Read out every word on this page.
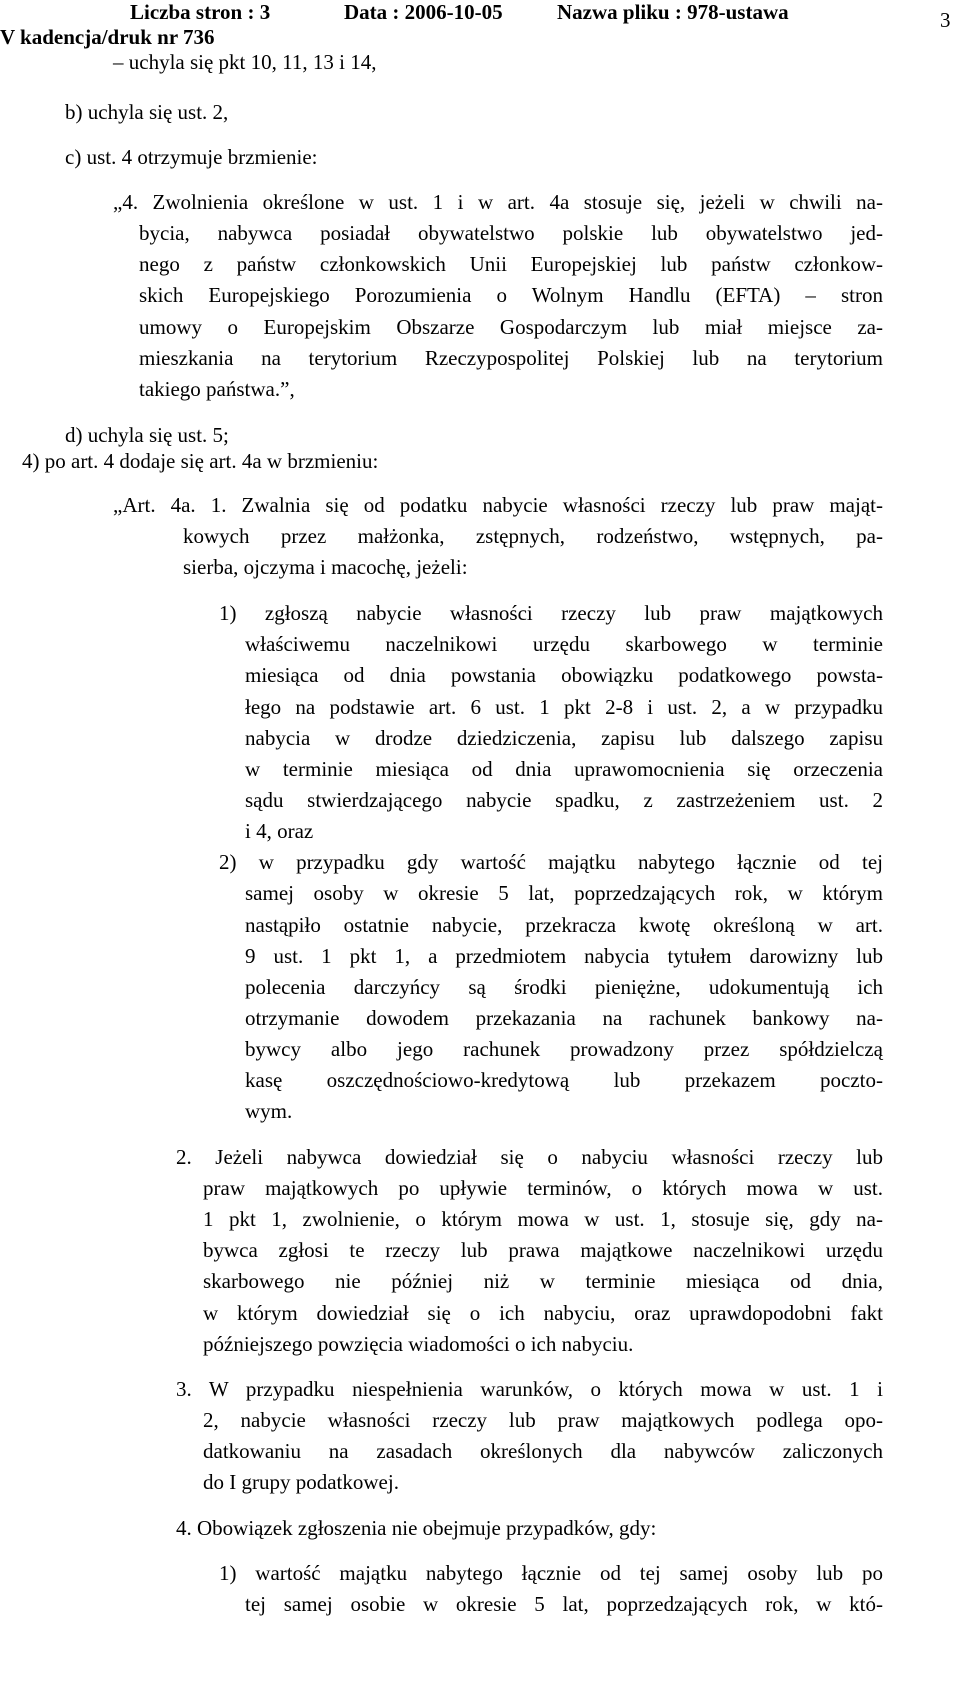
Liczba stron : 3	Data : 2006-10-05	Nazwa pliku : 978-ustawa
V kadencja/druk nr 736
3
– uchyla się pkt 10, 11, 13 i 14,
b) uchyla się ust. 2,
c) ust. 4 otrzymuje brzmienie:
„4. Zwolnienia określone w ust. 1 i w art. 4a stosuje się, jeżeli w chwili na-
bycia, nabywca posiadał obywatelstwo polskie lub obywatelstwo jed-
nego z państw członkowskich Unii Europejskiej lub państw członkow-
skich Europejskiego Porozumienia o Wolnym Handlu (EFTA) – stron
umowy o Europejskim Obszarze Gospodarczym lub miał miejsce za-
mieszkania na terytorium Rzeczypospolitej Polskiej lub na terytorium
takiego państwa.”,
d) uchyla się ust. 5;
4) po art. 4 dodaje się art. 4a w brzmieniu:
„Art. 4a. 1. Zwalnia się od podatku nabycie własności rzeczy lub praw mająt-
kowych przez małżonka, zstępnych, rodzeństwo, wstępnych, pa-
sierba, ojczyma i macochę, jeżeli:
1) zgłoszą nabycie własności rzeczy lub praw majątkowych
właściwemu naczelnikowi urzędu skarbowego w terminie
miesiąca od dnia powstania obowiązku podatkowego powsta-
łego na podstawie art. 6 ust. 1 pkt 2-8 i ust. 2, a w przypadku
nabycia w drodze dziedziczenia, zapisu lub dalszego zapisu
w terminie miesiąca od dnia uprawomocnienia się orzeczenia
sądu stwierdzającego nabycie spadku, z zastrzeżeniem ust. 2
i 4, oraz
2) w przypadku gdy wartość majątku nabytego łącznie od tej
samej osoby w okresie 5 lat, poprzedzających rok, w którym
nastąpiło ostatnie nabycie, przekracza kwotę określoną w art.
9 ust. 1 pkt 1, a przedmiotem nabycia tytułem darowizny lub
polecenia darczyńcy są środki pieniężne, udokumentują ich
otrzymanie dowodem przekazania na rachunek bankowy na-
bywcy albo jego rachunek prowadzony przez spółdzielczą
kasę oszczędnościowo-kredytową lub przekazem poczto-
wym.
2. Jeżeli nabywca dowiedział się o nabyciu własności rzeczy lub
praw majątkowych po upływie terminów, o których mowa w ust.
1 pkt 1, zwolnienie, o którym mowa w ust. 1, stosuje się, gdy na-
bywca zgłosi te rzeczy lub prawa majątkowe naczelnikowi urzędu
skarbowego nie później niż w terminie miesiąca od dnia,
w którym dowiedział się o ich nabyciu, oraz uprawdopodobni fakt
późniejszego powzięcia wiadomości o ich nabyciu.
3. W przypadku niespełnienia warunków, o których mowa w ust. 1 i
2, nabycie własności rzeczy lub praw majątkowych podlega opo-
datkowaniu na zasadach określonych dla nabywców zaliczonych
do I grupy podatkowej.
4. Obowiązek zgłoszenia nie obejmuje przypadków, gdy:
1) wartość majątku nabytego łącznie od tej samej osoby lub po
tej samej osobie w okresie 5 lat, poprzedzających rok, w któ-
